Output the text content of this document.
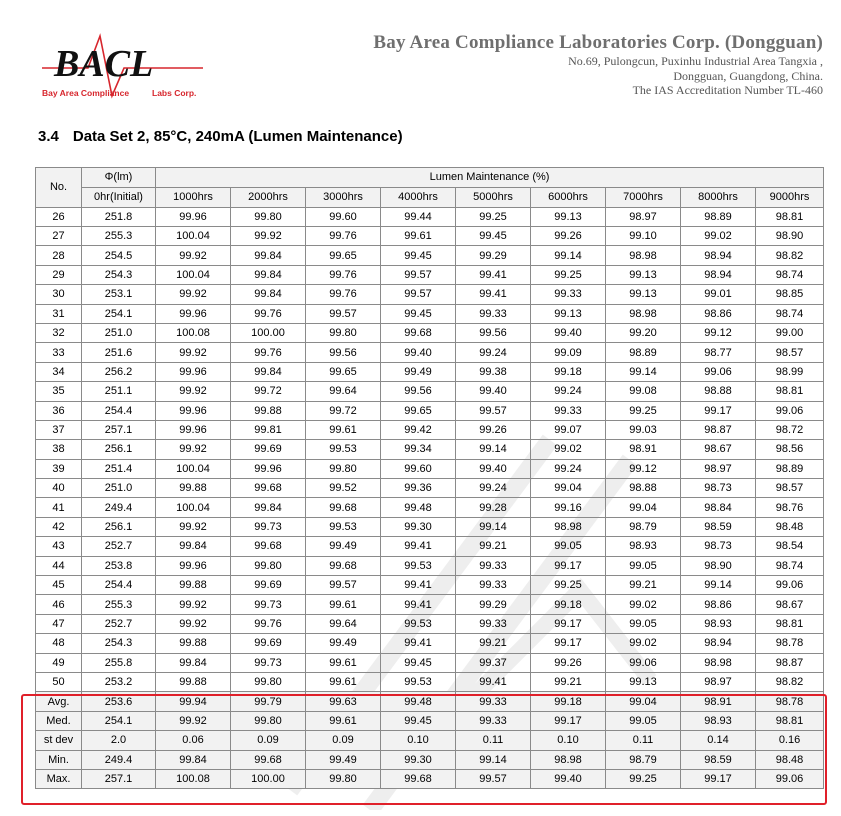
BACL
Bay Area Compliance	Labs Corp.
Bay Area Compliance Laboratories Corp. (Dongguan)
No.69, Pulongcun, Puxinhu Industrial Area Tangxia ,
Dongguan, Guangdong, China.
The IAS Accreditation Number TL-460
3.4 Data Set 2, 85°C, 240mA (Lumen Maintenance)
No.	Φ(lm)	Lumen Maintenance (%)								
	0hr(Initial)	1000hrs	2000hrs	3000hrs	4000hrs	5000hrs	6000hrs	7000hrs	8000hrs	9000hrs
26	251.8	99.96	99.80	99.60	99.44	99.25	99.13	98.97	98.89	98.81
27	255.3	100.04	99.92	99.76	99.61	99.45	99.26	99.10	99.02	98.90
28	254.5	99.92	99.84	99.65	99.45	99.29	99.14	98.98	98.94	98.82
29	254.3	100.04	99.84	99.76	99.57	99.41	99.25	99.13	98.94	98.74
30	253.1	99.92	99.84	99.76	99.57	99.41	99.33	99.13	99.01	98.85
31	254.1	99.96	99.76	99.57	99.45	99.33	99.13	98.98	98.86	98.74
32	251.0	100.08	100.00	99.80	99.68	99.56	99.40	99.20	99.12	99.00
33	251.6	99.92	99.76	99.56	99.40	99.24	99.09	98.89	98.77	98.57
34	256.2	99.96	99.84	99.65	99.49	99.38	99.18	99.14	99.06	98.99
35	251.1	99.92	99.72	99.64	99.56	99.40	99.24	99.08	98.88	98.81
36	254.4	99.96	99.88	99.72	99.65	99.57	99.33	99.25	99.17	99.06
37	257.1	99.96	99.81	99.61	99.42	99.26	99.07	99.03	98.87	98.72
38	256.1	99.92	99.69	99.53	99.34	99.14	99.02	98.91	98.67	98.56
39	251.4	100.04	99.96	99.80	99.60	99.40	99.24	99.12	98.97	98.89
40	251.0	99.88	99.68	99.52	99.36	99.24	99.04	98.88	98.73	98.57
41	249.4	100.04	99.84	99.68	99.48	99.28	99.16	99.04	98.84	98.76
42	256.1	99.92	99.73	99.53	99.30	99.14	98.98	98.79	98.59	98.48
43	252.7	99.84	99.68	99.49	99.41	99.21	99.05	98.93	98.73	98.54
44	253.8	99.96	99.80	99.68	99.53	99.33	99.17	99.05	98.90	98.74
45	254.4	99.88	99.69	99.57	99.41	99.33	99.25	99.21	99.14	99.06
46	255.3	99.92	99.73	99.61	99.41	99.29	99.18	99.02	98.86	98.67
47	252.7	99.92	99.76	99.64	99.53	99.33	99.17	99.05	98.93	98.81
48	254.3	99.88	99.69	99.49	99.41	99.21	99.17	99.02	98.94	98.78
49	255.8	99.84	99.73	99.61	99.45	99.37	99.26	99.06	98.98	98.87
50	253.2	99.88	99.80	99.61	99.53	99.41	99.21	99.13	98.97	98.82
Avg.	253.6	99.94	99.79	99.63	99.48	99.33	99.18	99.04	98.91	98.78
Med.	254.1	99.92	99.80	99.61	99.45	99.33	99.17	99.05	98.93	98.81
st dev	2.0	0.06	0.09	0.09	0.10	0.11	0.10	0.11	0.14	0.16
Min.	249.4	99.84	99.68	99.49	99.30	99.14	98.98	98.79	98.59	98.48
Max.	257.1	100.08	100.00	99.80	99.68	99.57	99.40	99.25	99.17	99.06
